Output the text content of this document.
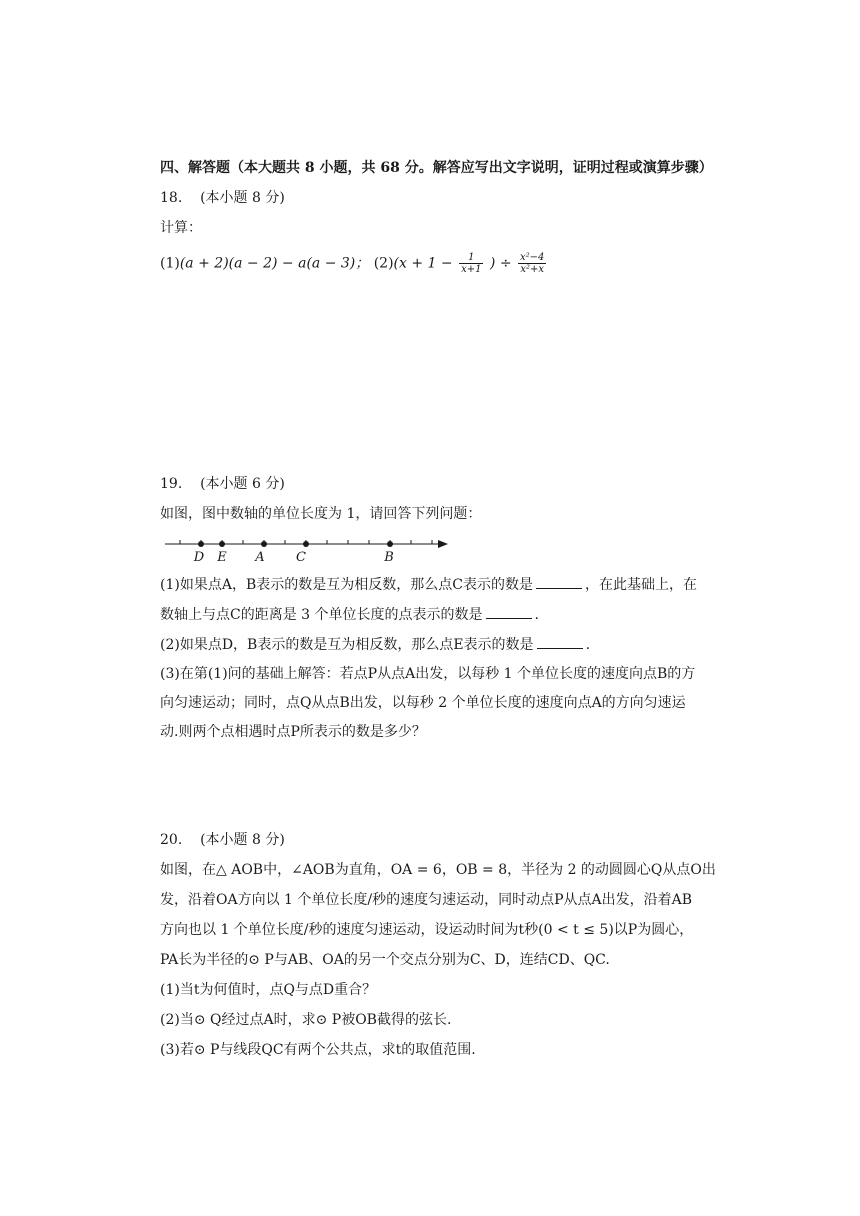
四、解答题（本大题共 8 小题，共 68 分。解答应写出文字说明，证明过程或演算步骤）
18. (本小题 8 分)
计算：
(1)(a + 2)(a − 2) − a(a − 3)； $(2)(x + 1 - \frac{1}{x+1}$ ) ÷ $\frac{\text{x²−4}}{\text{x²+x}}$
19. (本小题 6 分)
如图，图中数轴的单位长度为 1，请回答下列问题：
D E A C	B
(1)如果点A，B表示的数是互为相反数，那么点C表示的数是	，在此基础上，在
数轴上与点C的距离是 3 个单位长度的点表示的数是	.
(2)如果点D，B表示的数是互为相反数，那么点E表示的数是	.
(3)在第(1)问的基础上解答：若点P从点A出发，以每秒 1 个单位长度的速度向点B的方
向匀速运动；同时，点Q从点B出发，以每秒 2 个单位长度的速度向点A的方向匀速运
动.则两个点相遇时点P所表示的数是多少？
20. (本小题 8 分)
如图，在△ AOB中，∠AOB为直角，OA = 6，OB = 8，半径为 2 的动圆圆心Q从点O出
发，沿着OA方向以 1 个单位长度/秒的速度匀速运动，同时动点P从点A出发，沿着AB
方向也以 1 个单位长度/秒的速度匀速运动，设运动时间为t秒(0 < t ≤ 5)以P为圆心，
PA长为半径的⊙ P与AB、OA的另一个交点分别为C、D，连结CD、QC.
(1)当t为何值时，点Q与点D重合？
(2)当⊙ Q经过点A时，求⊙ P被OB截得的弦长.
(3)若⊙ P与线段QC有两个公共点，求t的取值范围.
